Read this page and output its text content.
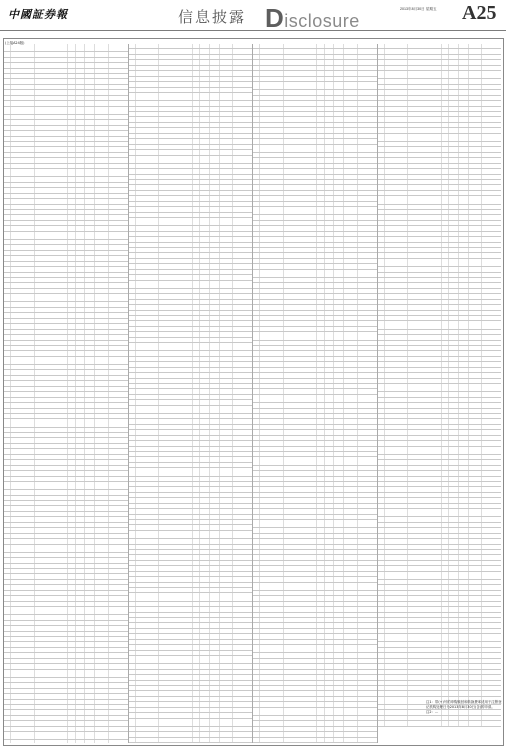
中國証券報	信息披露 Disclosure
2013年8月30日 星期五 A25
(上接A24版)

注1：带(+)号的申购赎回和转换费率适用于注册登记机构处理日为2013年8月30日(含)的申请。

注2：…
